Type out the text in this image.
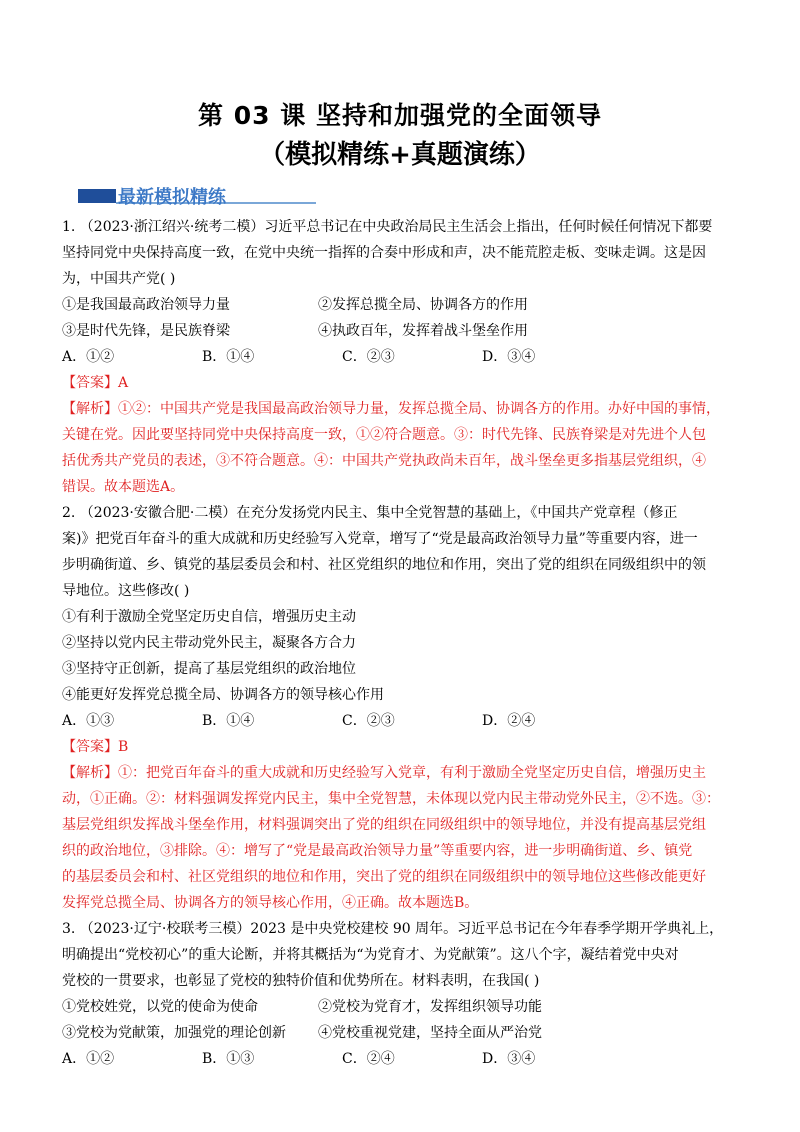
第 03 课 坚持和加强党的全面领导
（模拟精练+真题演练）
最新模拟精练
1. （2023·浙江绍兴·统考二模）习近平总书记在中央政治局民主生活会上指出，任何时候任何情况下都要
坚持同党中央保持高度一致，在党中央统一指挥的合奏中形成和声，决不能荒腔走板、变味走调。这是因
为，中国共产党( )
①是我国最高政治领导力量	②发挥总揽全局、协调各方的作用
③是时代先锋，是民族脊梁	④执政百年，发挥着战斗堡垒作用
A．①②	B．①④	C．②③	D．③④
【答案】A
【解析】①②：中国共产党是我国最高政治领导力量，发挥总揽全局、协调各方的作用。办好中国的事情，
关键在党。因此要坚持同党中央保持高度一致，①②符合题意。③：时代先锋、民族脊梁是对先进个人包
括优秀共产党员的表述，③不符合题意。④：中国共产党执政尚未百年，战斗堡垒更多指基层党组织，④
错误。故本题选A。
2. （2023·安徽合肥·二模）在充分发扬党内民主、集中全党智慧的基础上，《中国共产党章程（修正
案)》把党百年奋斗的重大成就和历史经验写入党章，增写了“党是最高政治领导力量”等重要内容，进一
步明确街道、乡、镇党的基层委员会和村、社区党组织的地位和作用，突出了党的组织在同级组织中的领
导地位。这些修改( )
①有利于激励全党坚定历史自信，增强历史主动
②坚持以党内民主带动党外民主，凝聚各方合力
③坚持守正创新，提高了基层党组织的政治地位
④能更好发挥党总揽全局、协调各方的领导核心作用
A．①③	B．①④	C．②③	D．②④
【答案】B
【解析】①：把党百年奋斗的重大成就和历史经验写入党章，有利于激励全党坚定历史自信，增强历史主
动，①正确。②：材料强调发挥党内民主，集中全党智慧，未体现以党内民主带动党外民主，②不选。③：
基层党组织发挥战斗堡垒作用，材料强调突出了党的组织在同级组织中的领导地位，并没有提高基层党组
织的政治地位，③排除。④：增写了“党是最高政治领导力量”等重要内容，进一步明确街道、乡、镇党
的基层委员会和村、社区党组织的地位和作用，突出了党的组织在同级组织中的领导地位这些修改能更好
发挥党总揽全局、协调各方的领导核心作用，④正确。故本题选B。
3. （2023·辽宁·校联考三模）2023 是中央党校建校 90 周年。习近平总书记在今年春季学期开学典礼上，
明确提出“党校初心”的重大论断，并将其概括为“为党育才、为党献策”。这八个字，凝结着党中央对
党校的一贯要求，也彰显了党校的独特价值和优势所在。材料表明，在我国( )
①党校姓党，以党的使命为使命	②党校为党育才，发挥组织领导功能
③党校为党献策，加强党的理论创新	④党校重视党建，坚持全面从严治党
A．①②	B．①③	C．②④	D．③④
